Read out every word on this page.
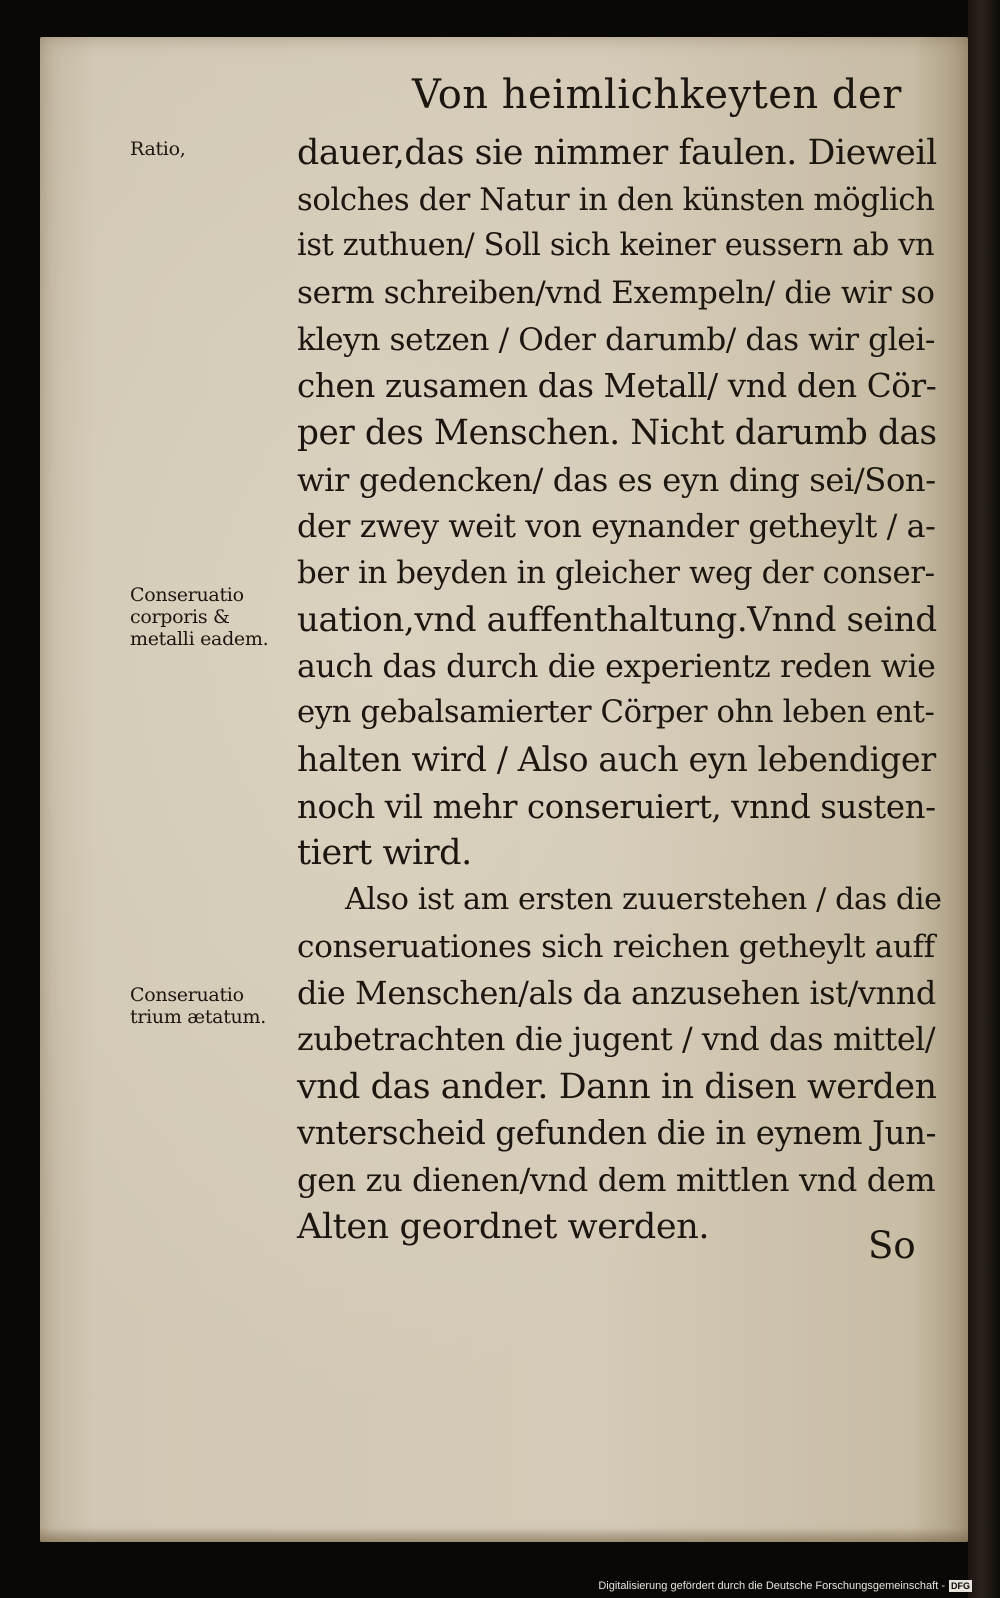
Von heimlichkeyten der
Ratio,
Conseruatio
corporis &
metalli eadem.
Conseruatio
trium ætatum.
dauer,das sie nimmer faulen. Dieweil
solches der Natur in den künsten möglich
ist zuthuen/ Soll sich keiner eussern ab vn
serm schreiben/vnd Exempeln/ die wir so
kleyn setzen / Oder darumb/ das wir glei-
chen zusamen das Metall/ vnd den Cör-
per des Menschen. Nicht darumb das
wir gedencken/ das es eyn ding sei/Son-
der zwey weit von eynander getheylt / a-
ber in beyden in gleicher weg der conser-
uation,vnd auffenthaltung.Vnnd seind
auch das durch die experientz reden wie
eyn gebalsamierter Cörper ohn leben ent-
halten wird / Also auch eyn lebendiger
noch vil mehr conseruiert, vnnd susten-
tiert wird.
Also ist am ersten zuuerstehen / das die
conseruationes sich reichen getheylt auff
die Menschen/als da anzusehen ist/vnnd
zubetrachten die jugent / vnd das mittel/
vnd das ander. Dann in disen werden
vnterscheid gefunden die in eynem Jun-
gen zu dienen/vnd dem mittlen vnd dem
Alten geordnet werden.	So
Digitalisierung gefördert durch die Deutsche Forschungsgemeinschaft - DFG
